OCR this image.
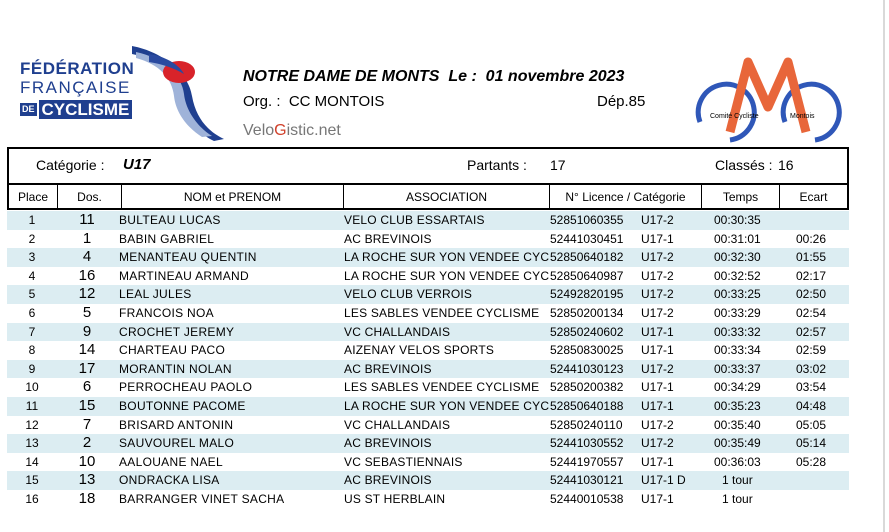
FÉDÉRATION
FRANÇAISE
DE CYCLISME
NOTRE DAME DE MONTS  Le :  01 novembre 2023
Org. :  CC MONTOIS	Dép.85
VeloGistic.net
Comité Cycliste	Montois
Catégorie : U17	Partants : 17	Classés : 16
Place	Dos.	NOM et PRENOM	ASSOCIATION	N° Licence / Catégorie	Temps	Ecart
1	11	BULTEAU LUCAS	VELO CLUB ESSARTAIS	52851060355 U17-2	00:30:35
2	1	BABIN GABRIEL	AC BREVINOIS	52441030451 U17-1	00:31:01	00:26
3	4	MENANTEAU QUENTIN	LA ROCHE SUR YON VENDEE CYC 52850640182 U17-2	00:32:30	01:55
4	16	MARTINEAU ARMAND	LA ROCHE SUR YON VENDEE CYC 52850640987 U17-2	00:32:52	02:17
5	12	LEAL JULES	VELO CLUB VERROIS	52492820195 U17-2	00:33:25	02:50
6	5	FRANCOIS NOA	LES SABLES VENDEE CYCLISME 52850200134 U17-2	00:33:29	02:54
7	9	CROCHET JEREMY	VC CHALLANDAIS	52850240602 U17-1	00:33:32	02:57
8	14	CHARTEAU PACO	AIZENAY VELOS SPORTS	52850830025 U17-1	00:33:34	02:59
9	17	MORANTIN NOLAN	AC BREVINOIS	52441030123 U17-2	00:33:37	03:02
10	6	PERROCHEAU PAOLO	LES SABLES VENDEE CYCLISME 52850200382 U17-1	00:34:29	03:54
11	15	BOUTONNE PACOME	LA ROCHE SUR YON VENDEE CYC 52850640188 U17-1	00:35:23	04:48
12	7	BRISARD ANTONIN	VC CHALLANDAIS	52850240110 U17-2	00:35:40	05:05
13	2	SAUVOUREL MALO	AC BREVINOIS	52441030552 U17-2	00:35:49	05:14
14	10	AALOUANE NAEL	VC SEBASTIENNAIS	52441970557 U17-1	00:36:03	05:28
15	13	ONDRACKA LISA	AC BREVINOIS	52441030121 U17-1 D	1 tour
16	18	BARRANGER VINET SACHA	US ST HERBLAIN	52440010538 U17-1	1 tour
